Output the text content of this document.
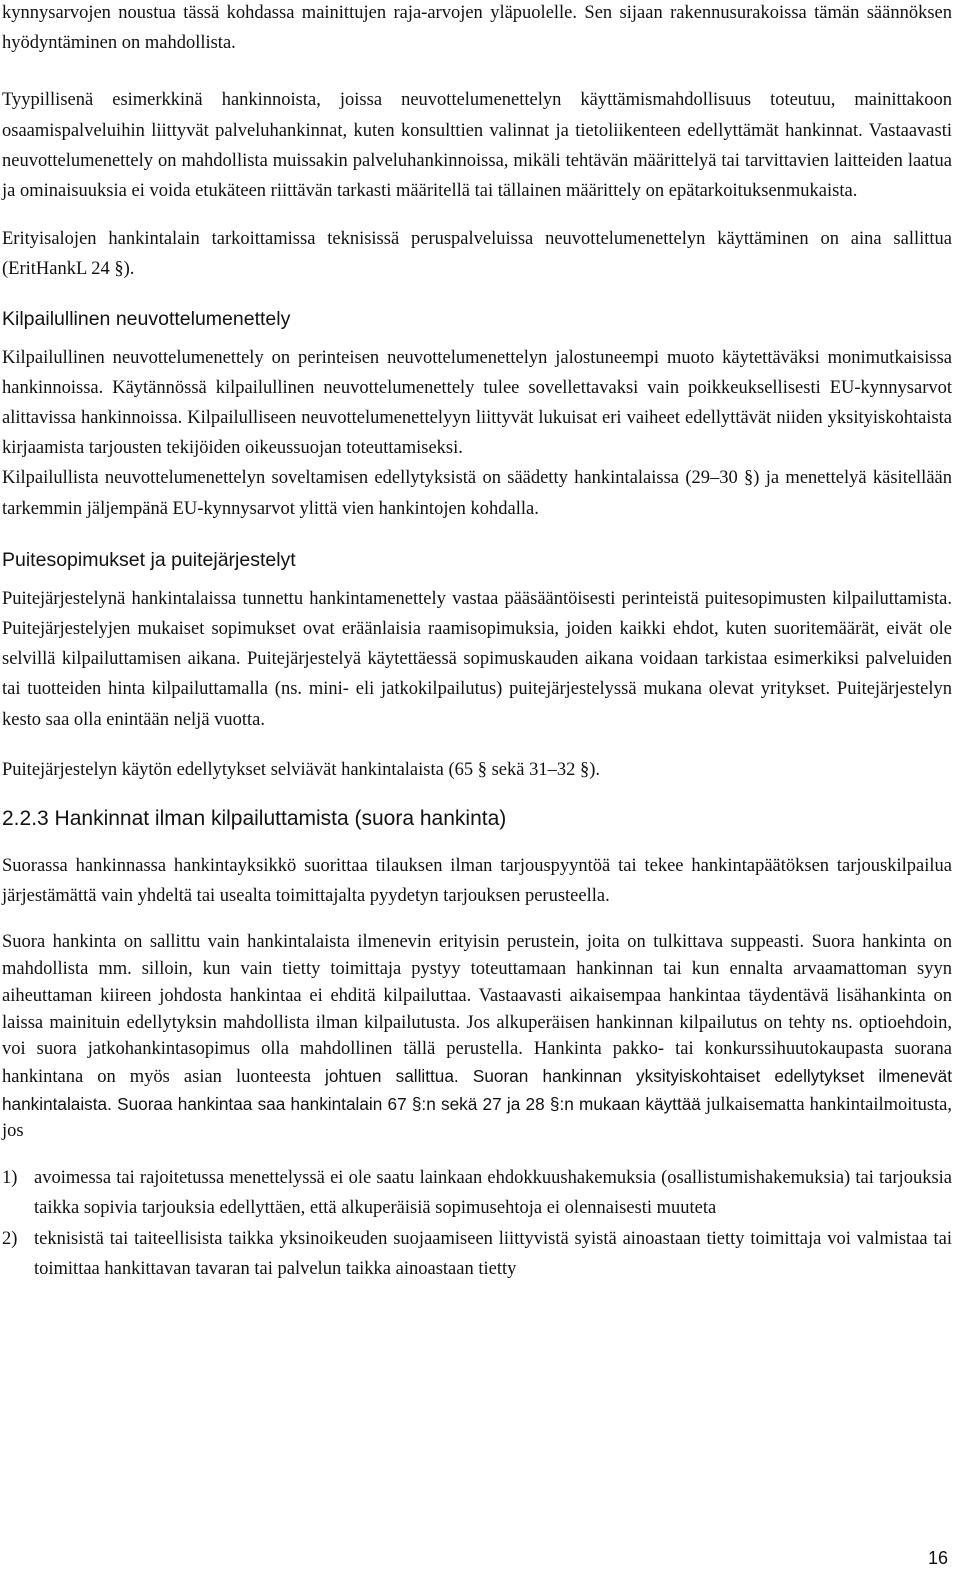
kynnysarvojen noustua tässä kohdassa mainittujen raja-arvojen yläpuolelle. Sen sijaan rakennusurakoissa tämän säännöksen hyödyntäminen on mahdollista.

Tyypillisenä esimerkkinä hankinnoista, joissa neuvottelumenettelyn käyttämismahdollisuus toteutuu, mainittakoon osaamispalveluihin liittyvät palveluhankinnat, kuten konsulttien valinnat ja tietoliikenteen edellyttämät hankinnat. Vastaavasti neuvottelumenettely on mahdollista muissakin palveluhankinnoissa, mikäli tehtävän määrittelyä tai tarvittavien laitteiden laatua ja ominaisuuksia ei voida etukäteen riittävän tarkasti määritellä tai tällainen määrittely on epätarkoituksenmukaista.

Erityisalojen hankintalain tarkoittamissa teknisissä peruspalveluissa neuvottelumenettelyn käyttäminen on aina sallittua (EritHankL 24 §).

Kilpailullinen neuvottelumenettely

Kilpailullinen neuvottelumenettely on perinteisen neuvottelumenettelyn jalostuneempi muoto käytettäväksi monimutkaisissa hankinnoissa. Käytännössä kilpailullinen neuvottelumenettely tulee sovellettavaksi vain poikkeuksellisesti EU-kynnysarvot alittavissa hankinnoissa. Kilpailulliseen neuvottelumenettelyyn liittyvät lukuisat eri vaiheet edellyttävät niiden yksityiskohtaista kirjaamista tarjousten tekijöiden oikeussuojan toteuttamiseksi.

Kilpailullista neuvottelumenettelyn soveltamisen edellytyksistä on säädetty hankintalaissa (29–30 §) ja menettelyä käsitellään tarkemmin jäljempänä EU-kynnysarvot ylittä vien hankintojen kohdalla.

Puitesopimukset ja puitejärjestelyt

Puitejärjestelynä hankintalaissa tunnettu hankintamenettely vastaa pääsääntöisesti perinteistä puitesopimusten kilpailuttamista. Puitejärjestelyjen mukaiset sopimukset ovat eräänlaisia raamisopimuksia, joiden kaikki ehdot, kuten suoritemäärät, eivät ole selvillä kilpailuttamisen aikana. Puitejärjestelyä käytettäessä sopimuskauden aikana voidaan tarkistaa esimerkiksi palveluiden tai tuotteiden hinta kilpailuttamalla (ns. mini- eli jatkokilpailutus) puitejärjestelyssä mukana olevat yritykset. Puitejärjestelyn kesto saa olla enintään neljä vuotta.

Puitejärjestelyn käytön edellytykset selviävät hankintalaista (65 § sekä 31–32 §).

2.2.3 Hankinnat ilman kilpailuttamista (suora hankinta)

Suorassa hankinnassa hankintayksikkö suorittaa tilauksen ilman tarjouspyyntöä tai tekee hankintapäätöksen tarjouskilpailua järjestämättä vain yhdeltä tai usealta toimittajalta pyydetyn tarjouksen perusteella.

Suora hankinta on sallittu vain hankintalaista ilmenevin erityisin perustein, joita on tulkittava suppeasti. Suora hankinta on mahdollista mm. silloin, kun vain tietty toimittaja pystyy toteuttamaan hankinnan tai kun ennalta arvaamattoman syyn aiheuttaman kiireen johdosta hankintaa ei ehditä kilpailuttaa. Vastaavasti aikaisempaa hankintaa täydentävä lisähankinta on laissa mainituin edellytyksin mahdollista ilman kilpailutusta. Jos alkuperäisen hankinnan kilpailutus on tehty ns. optioehdoin, voi suora jatkohankintasopimus olla mahdollinen tällä perustella. Hankinta pakko- tai konkurssihuutokaupasta suorana hankintana on myös asian luonteesta johtuen sallittua. Suoran hankinnan yksityiskohtaiset edellytykset ilmenevät hankintalaista. Suoraa hankintaa saa hankintalain 67 §:n sekä 27 ja 28 §:n mukaan käyttää julkaisematta hankintailmoitusta, jos

1) avoimessa tai rajoitetussa menettelyssä ei ole saatu lainkaan ehdokkuushakemuksia (osallistumishakemuksia) tai tarjouksia taikka sopivia tarjouksia edellyttäen, että alkuperäisiä sopimusehtoja ei olennaisesti muuteta
2) teknisistä tai taiteellisista taikka yksinoikeuden suojaamiseen liittyvistä syistä ainoastaan tietty toimittaja voi valmistaa tai toimittaa hankittavan tavaran tai palvelun taikka ainoastaan tietty
16
